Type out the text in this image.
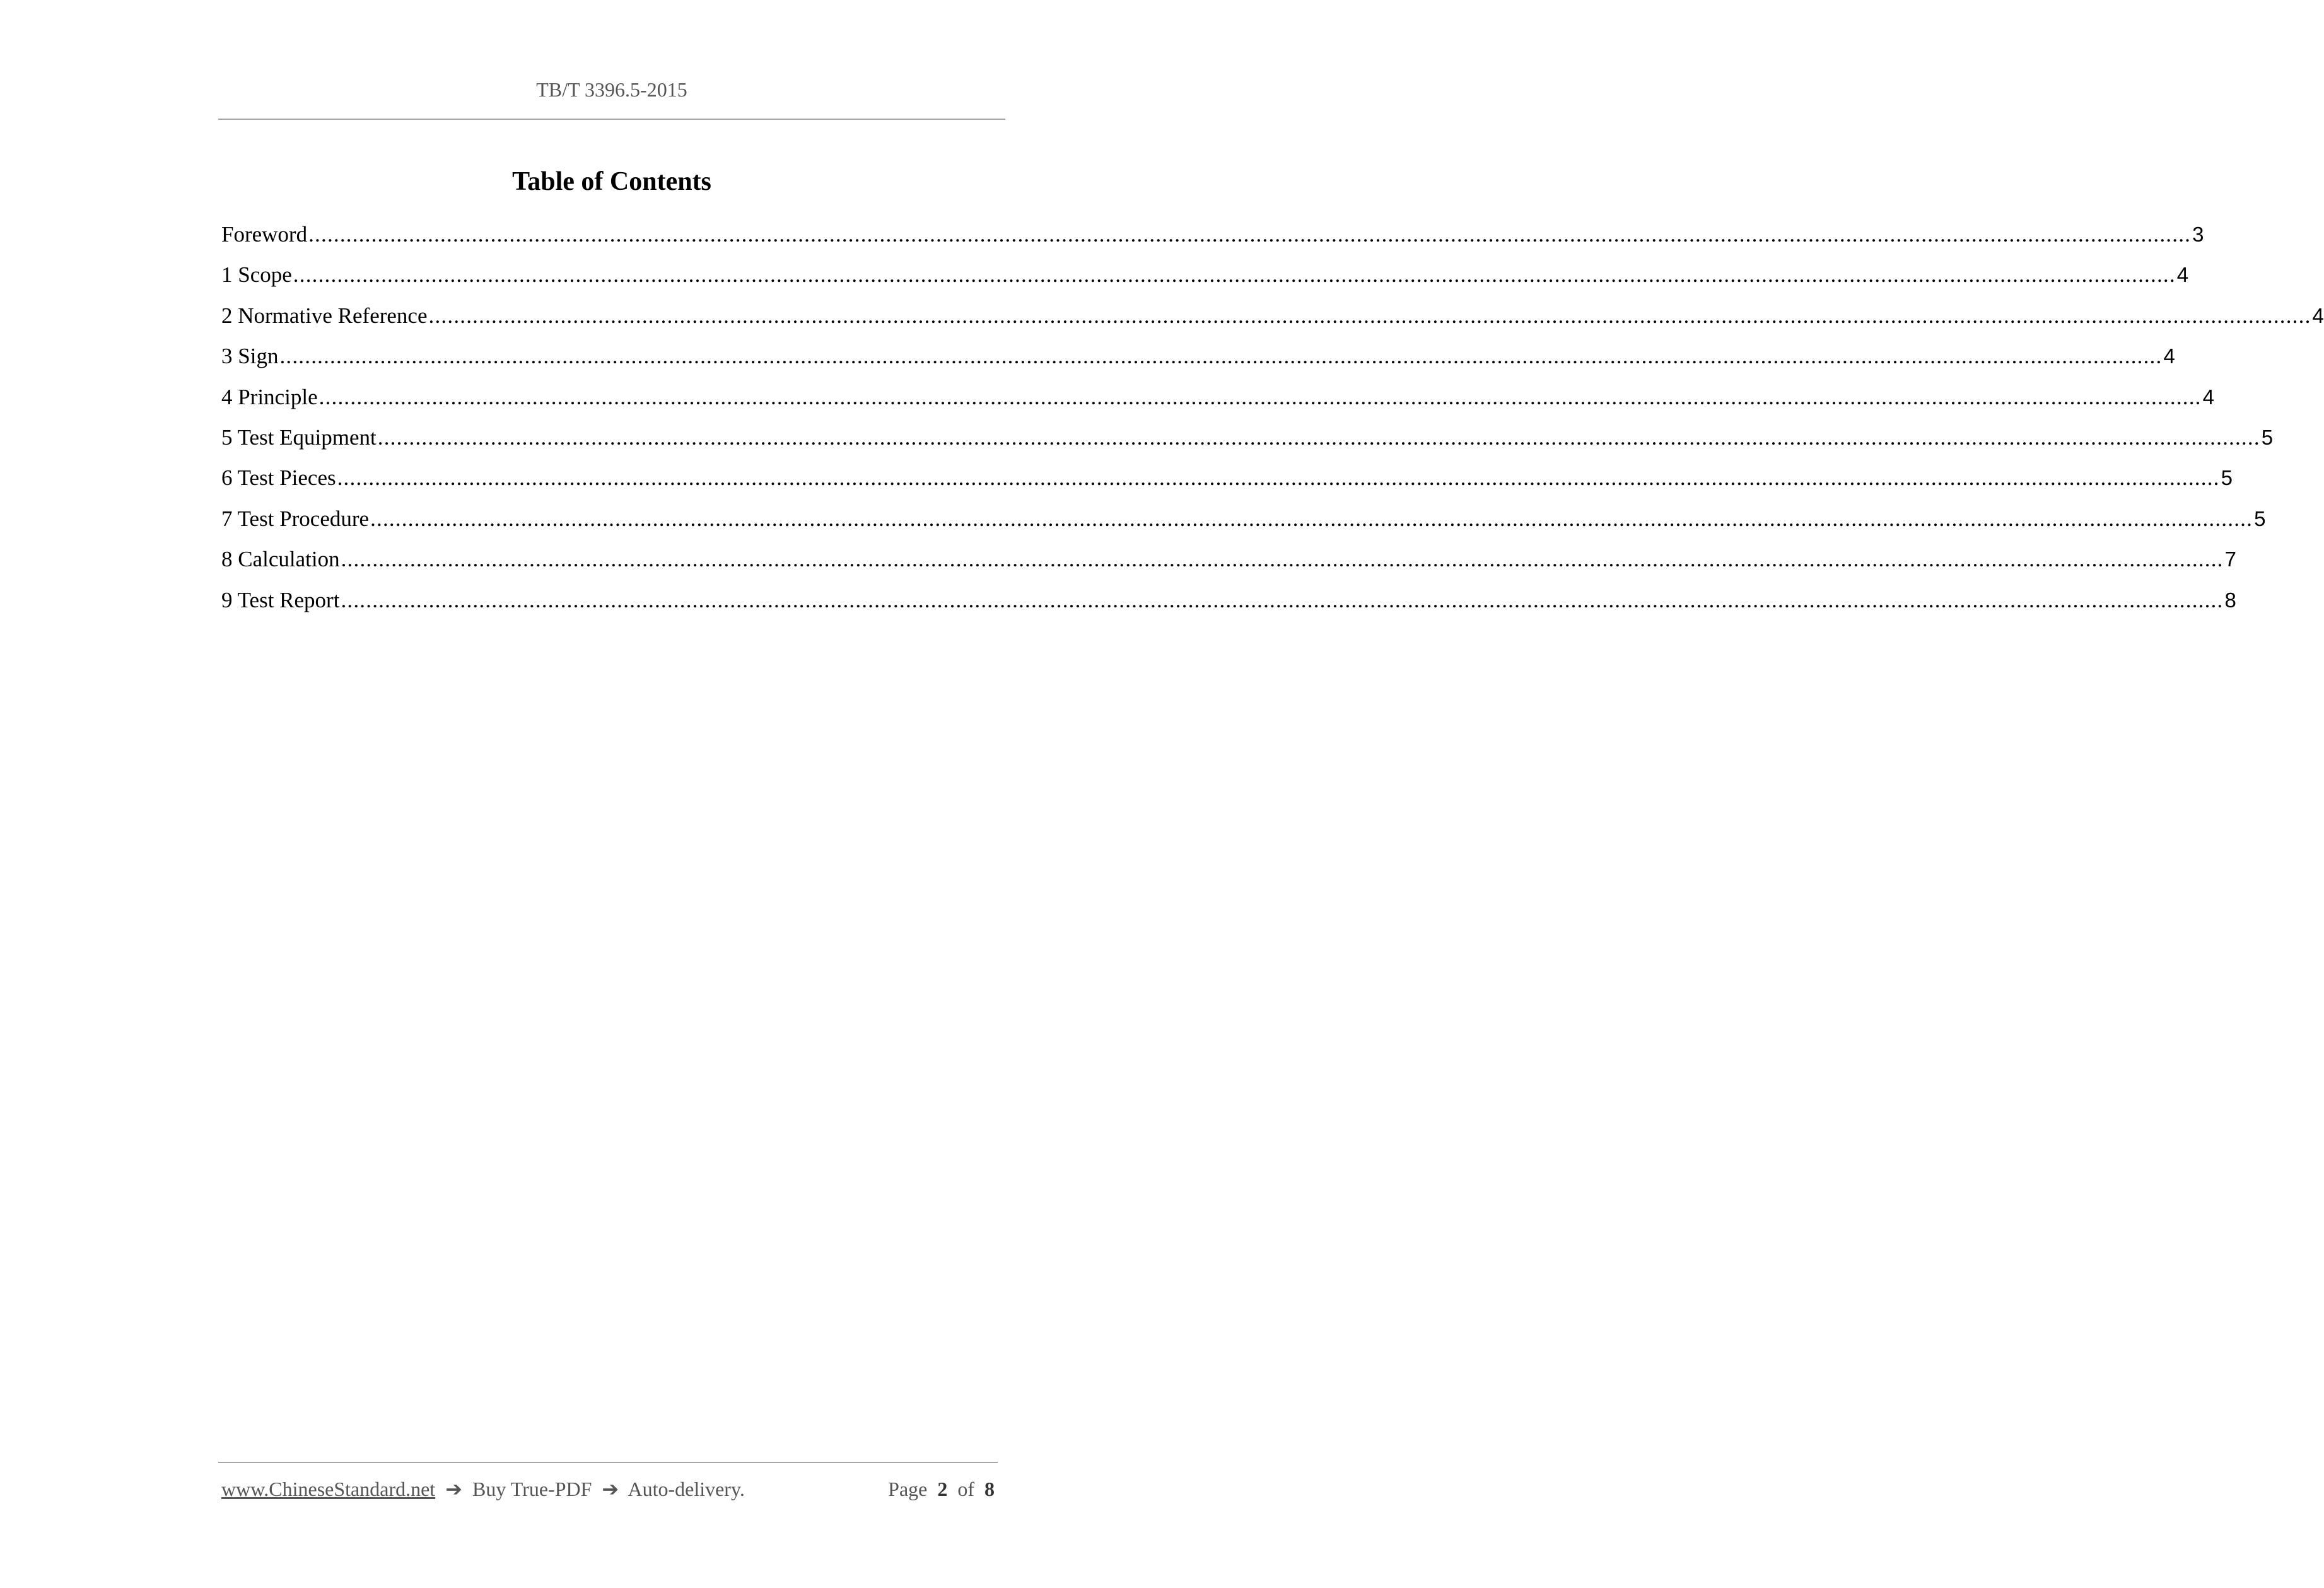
TB/T 3396.5-2015
Table of Contents
Foreword ............................................................................................................................................................................................................................................................................................................ 3
1 Scope ............................................................................................................................................................................................................................................................................................................ 4
2 Normative Reference ............................................................................................................................................................................................................................................................................................................ 4
3 Sign ............................................................................................................................................................................................................................................................................................................ 4
4 Principle ............................................................................................................................................................................................................................................................................................................ 4
5 Test Equipment ............................................................................................................................................................................................................................................................................................................ 5
6 Test Pieces ............................................................................................................................................................................................................................................................................................................ 5
7 Test Procedure ............................................................................................................................................................................................................................................................................................................ 5
8 Calculation ............................................................................................................................................................................................................................................................................................................ 7
9 Test Report ............................................................................................................................................................................................................................................................................................................ 8
www.ChineseStandard.net ➔ Buy True-PDF ➔ Auto-delivery.	Page 2 of 8
